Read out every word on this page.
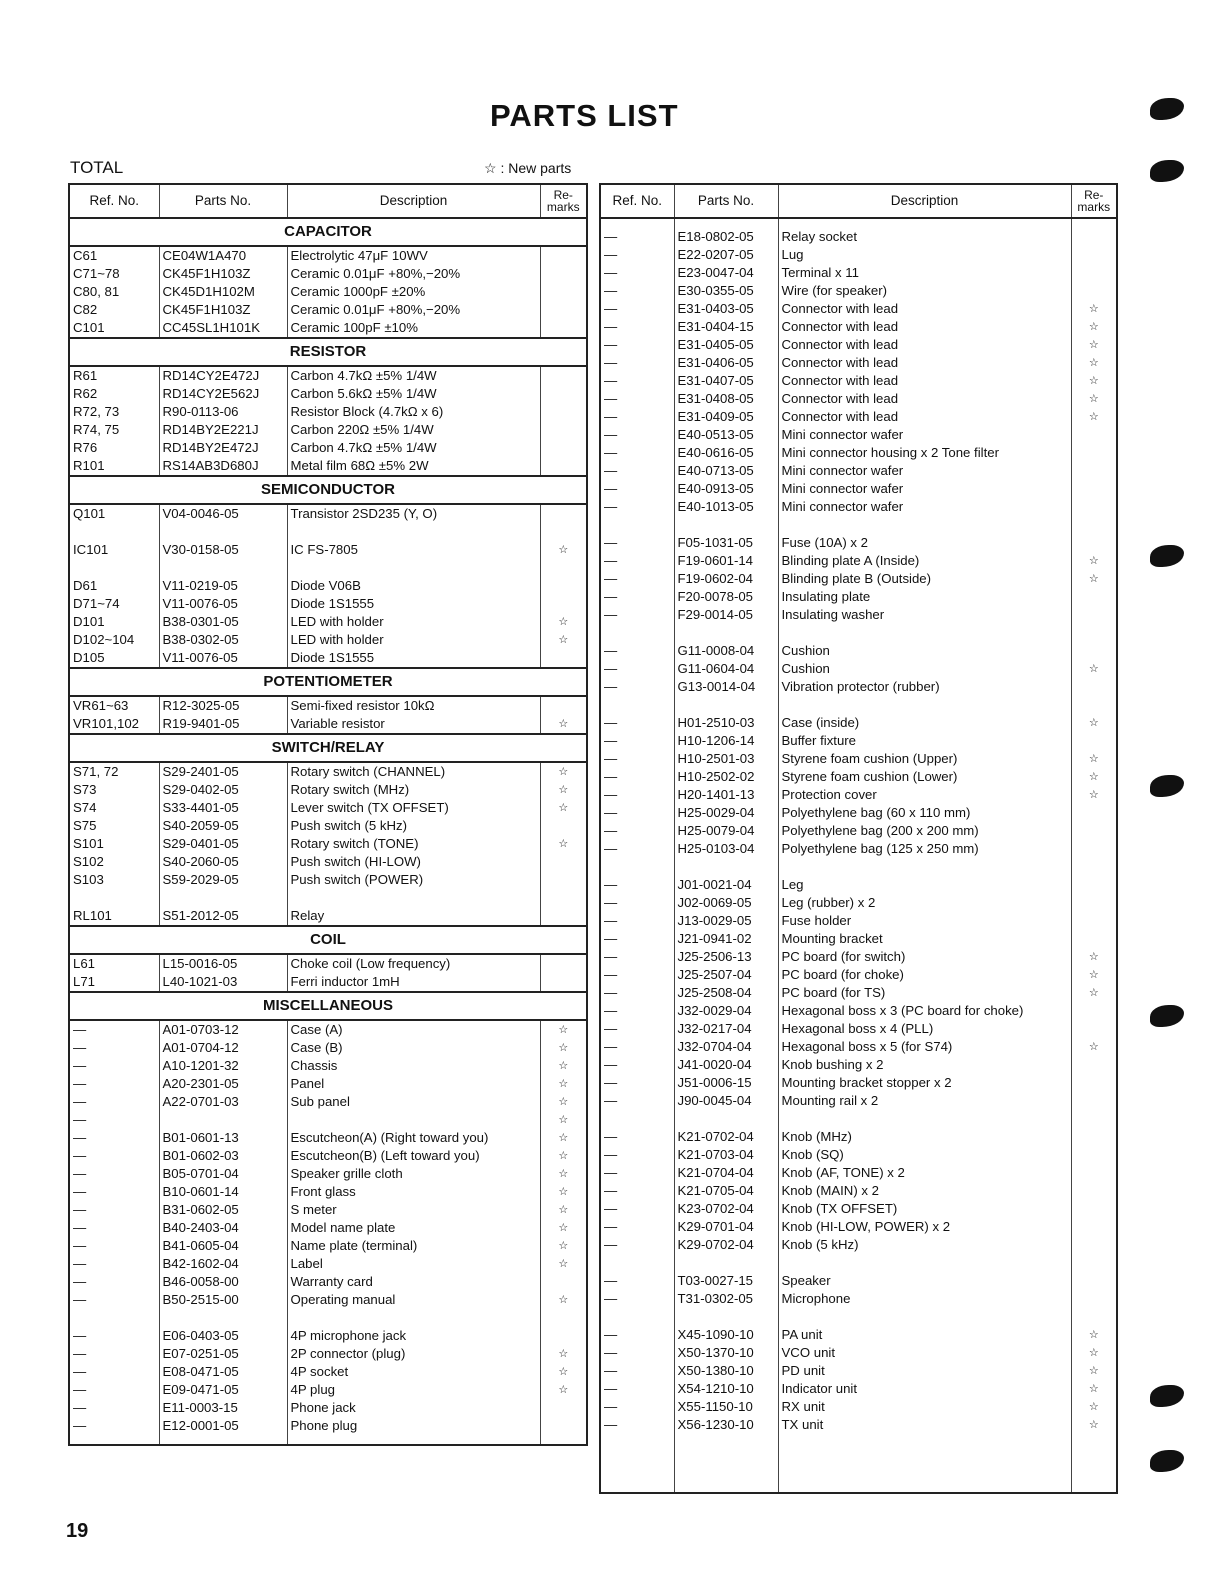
PARTS LIST
TOTAL	☆ : New parts
Ref. No.	Parts No.	Description	Re-
marks
CAPACITOR			
C61	CE04W1A470	Electrolytic 47μF 10WV	
C71~78	CK45F1H103Z	Ceramic 0.01μF +80%,−20%	
C80, 81	CK45D1H102M	Ceramic 1000pF ±20%	
C82	CK45F1H103Z	Ceramic 0.01μF +80%,−20%	
C101	CC45SL1H101K	Ceramic 100pF ±10%	
RESISTOR			
R61	RD14CY2E472J	Carbon 4.7kΩ ±5% 1/4W	
R62	RD14CY2E562J	Carbon 5.6kΩ ±5% 1/4W	
R72, 73	R90-0113-06	Resistor Block (4.7kΩ x 6)	
R74, 75	RD14BY2E221J	Carbon 220Ω ±5% 1/4W	
R76	RD14BY2E472J	Carbon 4.7kΩ ±5% 1/4W	
R101	RS14AB3D680J	Metal film 68Ω ±5% 2W	
SEMICONDUCTOR			
Q101	V04-0046-05	Transistor 2SD235 (Y, O)	

IC101	V30-0158-05	IC FS-7805	☆

D61	V11-0219-05	Diode V06B	
D71~74	V11-0076-05	Diode 1S1555	
D101	B38-0301-05	LED with holder	☆
D102~104	B38-0302-05	LED with holder	☆
D105	V11-0076-05	Diode 1S1555	
POTENTIOMETER			
VR61~63	R12-3025-05	Semi-fixed resistor 10kΩ	
VR101,102	R19-9401-05	Variable resistor	☆
SWITCH/RELAY			
S71, 72	S29-2401-05	Rotary switch (CHANNEL)	☆
S73	S29-0402-05	Rotary switch (MHz)	☆
S74	S33-4401-05	Lever switch (TX OFFSET)	☆
S75	S40-2059-05	Push switch (5 kHz)	
S101	S29-0401-05	Rotary switch (TONE)	☆
S102	S40-2060-05	Push switch (HI-LOW)	
S103	S59-2029-05	Push switch (POWER)	

RL101	S51-2012-05	Relay	
COIL			
L61	L15-0016-05	Choke coil (Low frequency)	
L71	L40-1021-03	Ferri inductor 1mH	
MISCELLANEOUS			
—	A01-0703-12	Case (A)	☆
—	A01-0704-12	Case (B)	☆
—	A10-1201-32	Chassis	☆
—	A20-2301-05	Panel	☆
—	A22-0701-03	Sub panel	☆
—			☆
—	B01-0601-13	Escutcheon(A) (Right toward you)	☆
—	B01-0602-03	Escutcheon(B) (Left toward you)	☆
—	B05-0701-04	Speaker grille cloth	☆
—	B10-0601-14	Front glass	☆
—	B31-0602-05	S meter	☆
—	B40-2403-04	Model name plate	☆
—	B41-0605-04	Name plate (terminal)	☆
—	B42-1602-04	Label	☆
—	B46-0058-00	Warranty card	
—	B50-2515-00	Operating manual	☆

—	E06-0403-05	4P microphone jack	
—	E07-0251-05	2P connector (plug)	☆
—	E08-0471-05	4P socket	☆
—	E09-0471-05	4P plug	☆
—	E11-0003-15	Phone jack	
—	E12-0001-05	Phone plug	

Ref. No.	Parts No.	Description	Re-
marks

—	E18-0802-05	Relay socket	
—	E22-0207-05	Lug	
—	E23-0047-04	Terminal x 11	
—	E30-0355-05	Wire (for speaker)	
—	E31-0403-05	Connector with lead	☆
—	E31-0404-15	Connector with lead	☆
—	E31-0405-05	Connector with lead	☆
—	E31-0406-05	Connector with lead	☆
—	E31-0407-05	Connector with lead	☆
—	E31-0408-05	Connector with lead	☆
—	E31-0409-05	Connector with lead	☆
—	E40-0513-05	Mini connector wafer	
—	E40-0616-05	Mini connector housing x 2 Tone filter	
—	E40-0713-05	Mini connector wafer	
—	E40-0913-05	Mini connector wafer	
—	E40-1013-05	Mini connector wafer	

—	F05-1031-05	Fuse (10A) x 2	
—	F19-0601-14	Blinding plate A (Inside)	☆
—	F19-0602-04	Blinding plate B (Outside)	☆
—	F20-0078-05	Insulating plate	
—	F29-0014-05	Insulating washer	

—	G11-0008-04	Cushion	
—	G11-0604-04	Cushion	☆
—	G13-0014-04	Vibration protector (rubber)	

—	H01-2510-03	Case (inside)	☆
—	H10-1206-14	Buffer fixture	
—	H10-2501-03	Styrene foam cushion (Upper)	☆
—	H10-2502-02	Styrene foam cushion (Lower)	☆
—	H20-1401-13	Protection cover	☆
—	H25-0029-04	Polyethylene bag (60 x 110 mm)	
—	H25-0079-04	Polyethylene bag (200 x 200 mm)	
—	H25-0103-04	Polyethylene bag (125 x 250 mm)	

—	J01-0021-04	Leg	
—	J02-0069-05	Leg (rubber) x 2	
—	J13-0029-05	Fuse holder	
—	J21-0941-02	Mounting bracket	
—	J25-2506-13	PC board (for switch)	☆
—	J25-2507-04	PC board (for choke)	☆
—	J25-2508-04	PC board (for TS)	☆
—	J32-0029-04	Hexagonal boss x 3 (PC board for choke)	
—	J32-0217-04	Hexagonal boss x 4 (PLL)	
—	J32-0704-04	Hexagonal boss x 5 (for S74)	☆
—	J41-0020-04	Knob bushing x 2	
—	J51-0006-15	Mounting bracket stopper x 2	
—	J90-0045-04	Mounting rail x 2	

—	K21-0702-04	Knob (MHz)	
—	K21-0703-04	Knob (SQ)	
—	K21-0704-04	Knob (AF, TONE) x 2	
—	K21-0705-04	Knob (MAIN) x 2	
—	K23-0702-04	Knob (TX OFFSET)	
—	K29-0701-04	Knob (HI-LOW, POWER) x 2	
—	K29-0702-04	Knob (5 kHz)	

—	T03-0027-15	Speaker	
—	T31-0302-05	Microphone	

—	X45-1090-10	PA unit	☆
—	X50-1370-10	VCO unit	☆
—	X50-1380-10	PD unit	☆
—	X54-1210-10	Indicator unit	☆
—	X55-1150-10	RX unit	☆
—	X56-1230-10	TX unit	☆

19
